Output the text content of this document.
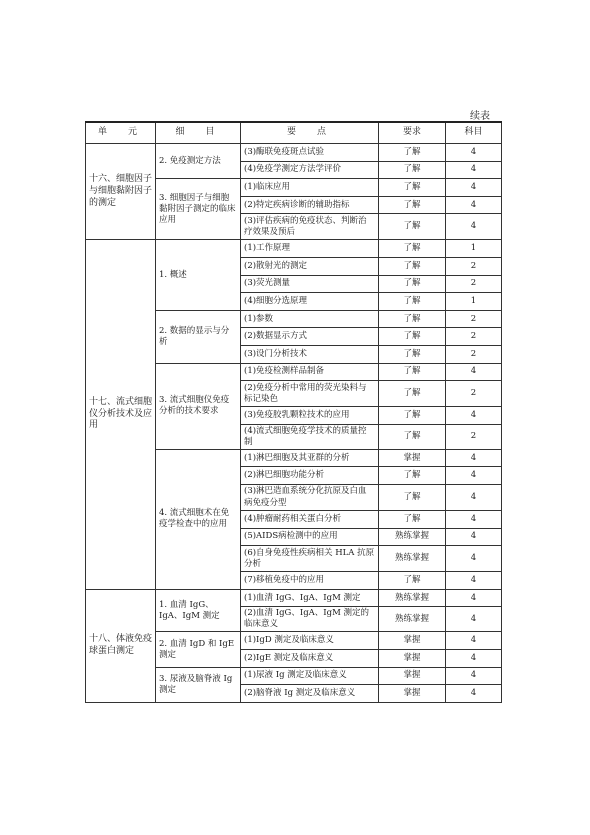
续表
单　元	细　目	要　点	要求	科目
十六、细胞因子与细胞黏附因子的测定	2. 免疫测定方法	(3)酶联免疫斑点试验	了解	4
		(4)免疫学测定方法学评价	了解	4
	3. 细胞因子与细胞黏附因子测定的临床应用	(1)临床应用	了解	4
		(2)特定疾病诊断的辅助指标	了解	4
		(3)评估疾病的免疫状态、判断治疗效果及预后	了解	4
十七、流式细胞仪分析技术及应用	1. 概述	(1)工作原理	了解	1
		(2)散射光的测定	了解	2
		(3)荧光测量	了解	2
		(4)细胞分选原理	了解	1
	2. 数据的显示与分析	(1)参数	了解	2
		(2)数据显示方式	了解	2
		(3)设门分析技术	了解	2
	3. 流式细胞仪免疫分析的技术要求	(1)免疫检测样品制备	了解	4
		(2)免疫分析中常用的荧光染料与标记染色	了解	2
		(3)免疫胶乳颗粒技术的应用	了解	4
		(4)流式细胞免疫学技术的质量控制	了解	2
	4. 流式细胞术在免疫学检查中的应用	(1)淋巴细胞及其亚群的分析	掌握	4
		(2)淋巴细胞功能分析	了解	4
		(3)淋巴造血系统分化抗原及白血病免疫分型	了解	4
		(4)肿瘤耐药相关蛋白分析	了解	4
		(5)AIDS病检测中的应用	熟练掌握	4
		(6)自身免疫性疾病相关 HLA 抗原分析	熟练掌握	4
		(7)移植免疫中的应用	了解	4
十八、体液免疫球蛋白测定	1. 血清 IgG、IgA、IgM 测定	(1)血清 IgG、IgA、IgM 测定	熟练掌握	4
		(2)血清 IgG、IgA、IgM 测定的临床意义	熟练掌握	4
	2. 血清 IgD 和 IgE 测定	(1)IgD 测定及临床意义	掌握	4
		(2)IgE 测定及临床意义	掌握	4
	3. 尿液及脑脊液 Ig 测定	(1)尿液 Ig 测定及临床意义	掌握	4
		(2)脑脊液 Ig 测定及临床意义	掌握	4
